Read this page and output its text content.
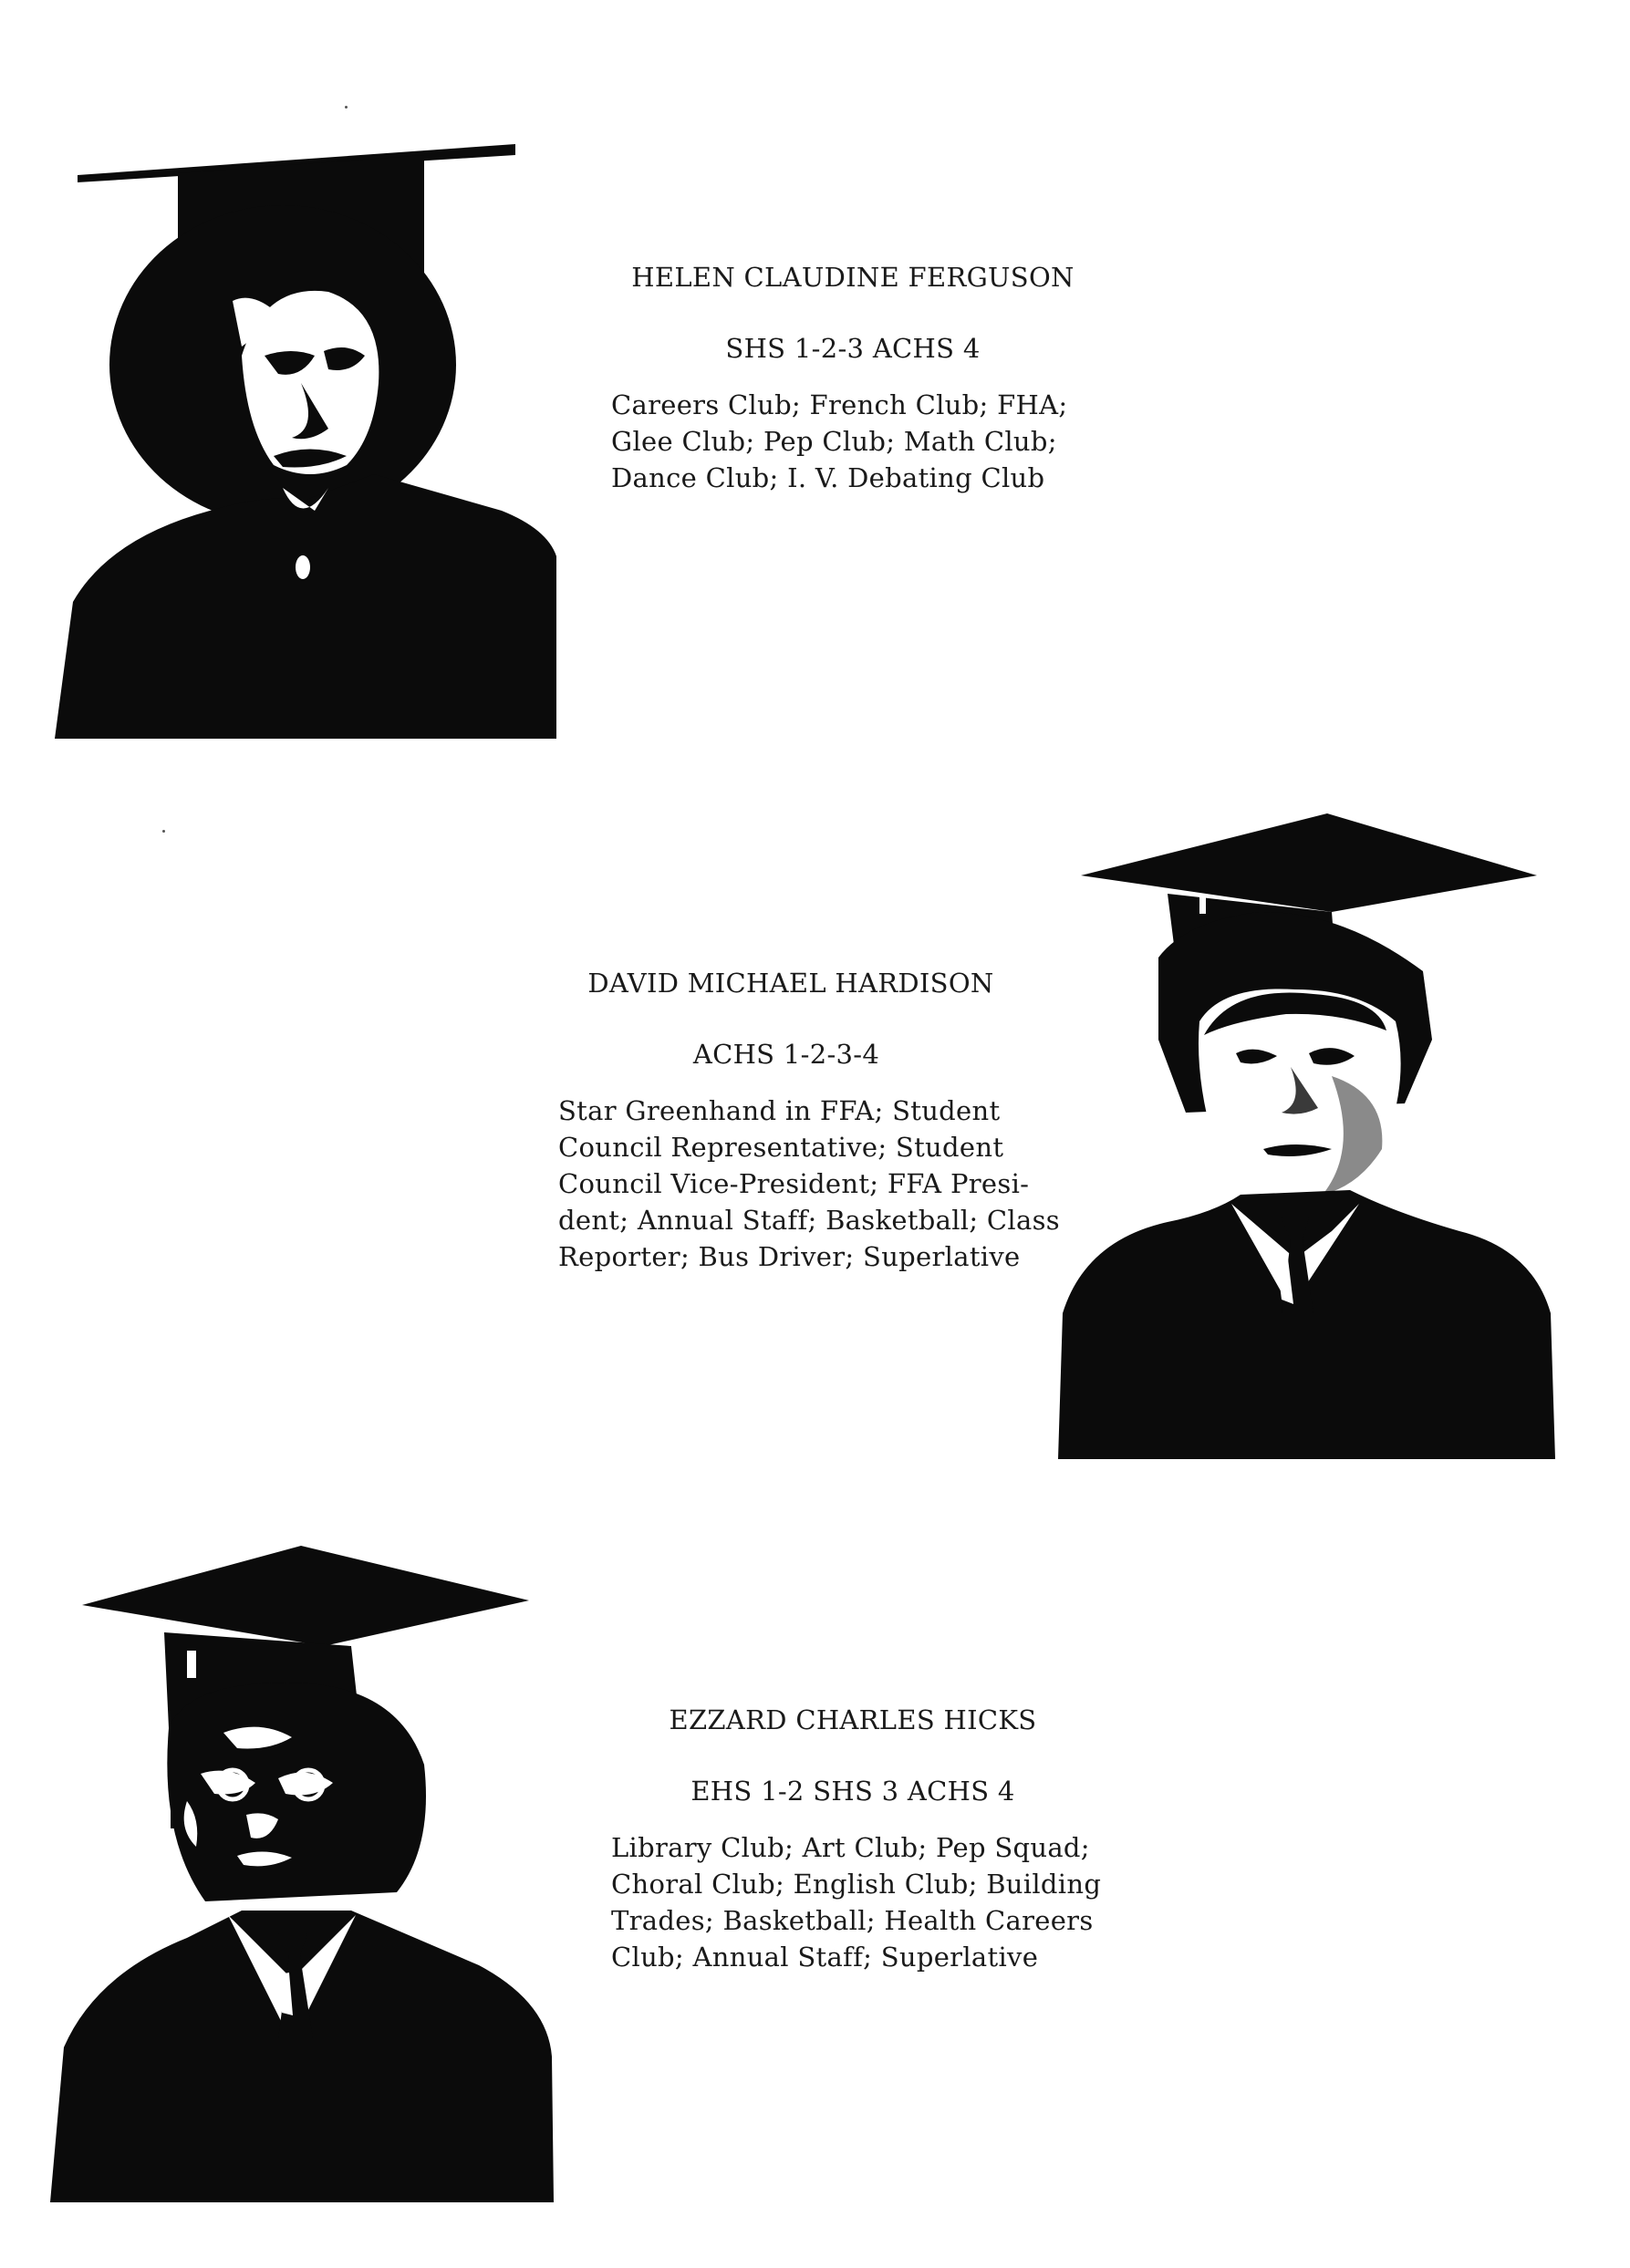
HELEN CLAUDINE FERGUSON
SHS 1-2-3 ACHS 4
Careers Club; French Club; FHA;
Glee Club; Pep Club; Math Club;
Dance Club; I. V. Debating Club
DAVID MICHAEL HARDISON
ACHS 1-2-3-4
Star Greenhand in FFA; Student
Council Representative; Student
Council Vice-President; FFA Presi-
dent; Annual Staff; Basketball; Class
Reporter; Bus Driver; Superlative
EZZARD CHARLES HICKS
EHS 1-2 SHS 3 ACHS 4
Library Club; Art Club; Pep Squad;
Choral Club; English Club; Building
Trades; Basketball; Health Careers
Club; Annual Staff; Superlative
